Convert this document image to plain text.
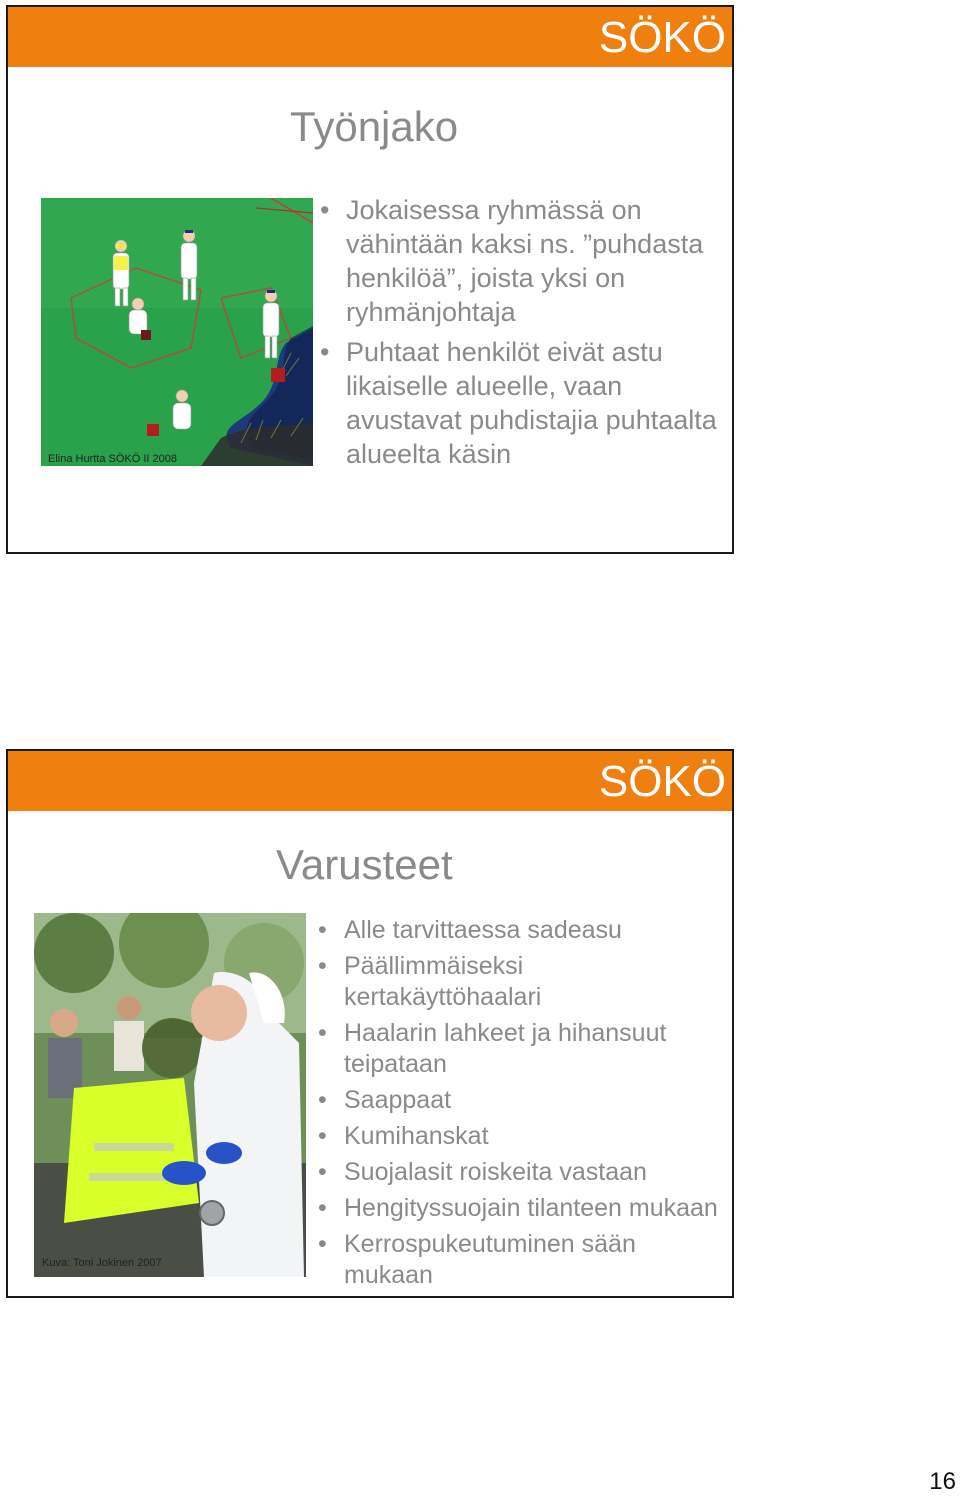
SÖKÖ
Työnjako
Elina Hurtta SÖKÖ II 2008
• Jokaisessa ryhmässä on vähintään kaksi ns. ”puhdasta henkilöä”, joista yksi on ryhmänjohtaja
• Puhtaat henkilöt eivät astu likaiselle alueelle, vaan avustavat puhdistajia puhtaalta alueelta käsin
SÖKÖ
Varusteet
Kuva: Toni Jokinen 2007
• Alle tarvittaessa sadeasu
• Päällimmäiseksi kertakäyttöhaalari
• Haalarin lahkeet ja hihansuut teipataan
• Saappaat
• Kumihanskat
• Suojalasit roiskeita vastaan
• Hengityssuojain tilanteen mukaan
• Kerrospukeutuminen sään mukaan
16
